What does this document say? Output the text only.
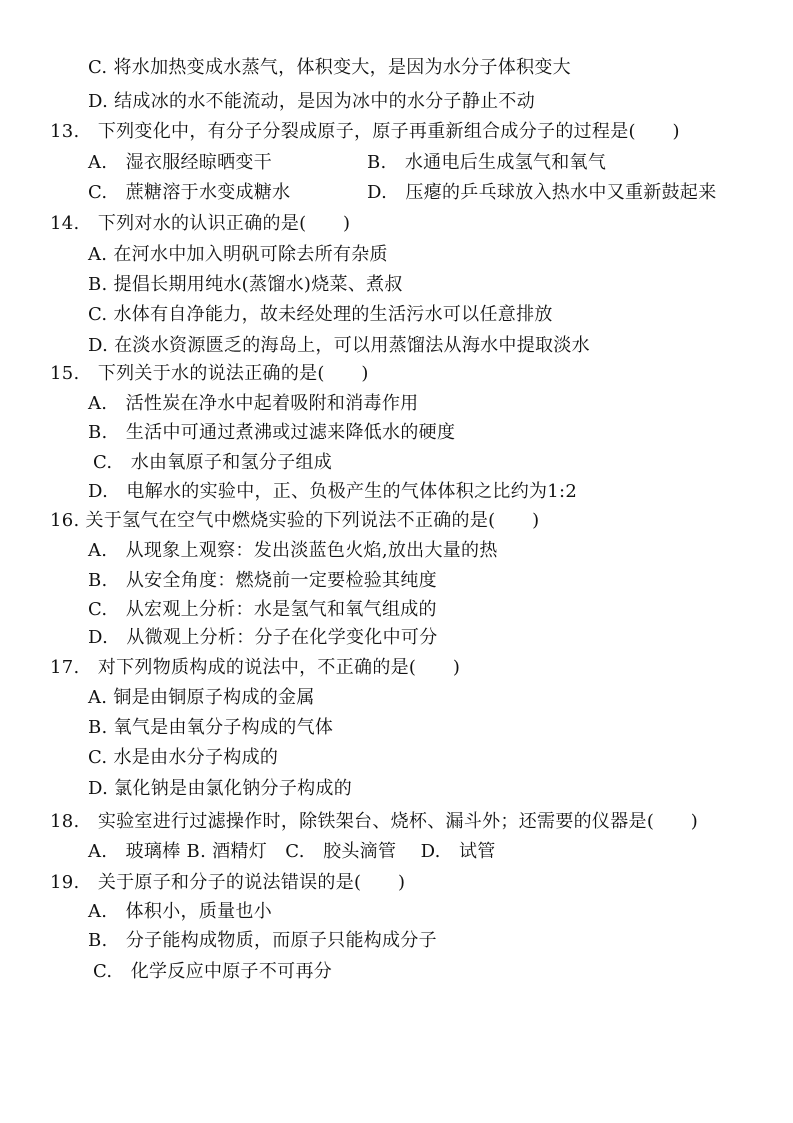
C. 将水加热变成水蒸气，体积变大，是因为水分子体积变大
D. 结成冰的水不能流动，是因为冰中的水分子静止不动
13.　下列变化中，有分子分裂成原子，原子再重新组合成分子的过程是(　　)
A.　湿衣服经晾晒变干	B.　水通电后生成氢气和氧气
C.　蔗糖溶于水变成糖水	D.　压瘪的乒乓球放入热水中又重新鼓起来
14.　下列对水的认识正确的是(　　)
A. 在河水中加入明矾可除去所有杂质
B. 提倡长期用纯水(蒸馏水)烧菜、煮叔
C. 水体有自净能力，故未经处理的生活污水可以任意排放
D. 在淡水资源匮乏的海岛上，可以用蒸馏法从海水中提取淡水
15.　下列关于水的说法正确的是(　　)
A.　活性炭在净水中起着吸附和消毒作用
B.　生活中可通过煮沸或过滤来降低水的硬度
C.　水由氧原子和氢分子组成
D.　电解水的实验中，正、负极产生的气体体积之比约为1:2
16. 关于氢气在空气中燃烧实验的下列说法不正确的是(　　)
A.　从现象上观察：发出淡蓝色火焰,放出大量的热
B.　从安全角度：燃烧前一定要检验其纯度
C.　从宏观上分析：水是氢气和氧气组成的
D.　从微观上分析：分子在化学变化中可分
17.　对下列物质构成的说法中，不正确的是(　　)
A. 铜是由铜原子构成的金属
B. 氧气是由氧分子构成的气体
C. 水是由水分子构成的
D. 氯化钠是由氯化钠分子构成的
18.　实验室进行过滤操作时，除铁架台、烧杯、漏斗外；还需要的仪器是(　　)
A.　玻璃棒 B. 酒精灯　C.　胶头滴管　 D.　试管
19.　关于原子和分子的说法错误的是(　　)
A.　体积小，质量也小
B.　分子能构成物质，而原子只能构成分子
C.　化学反应中原子不可再分
